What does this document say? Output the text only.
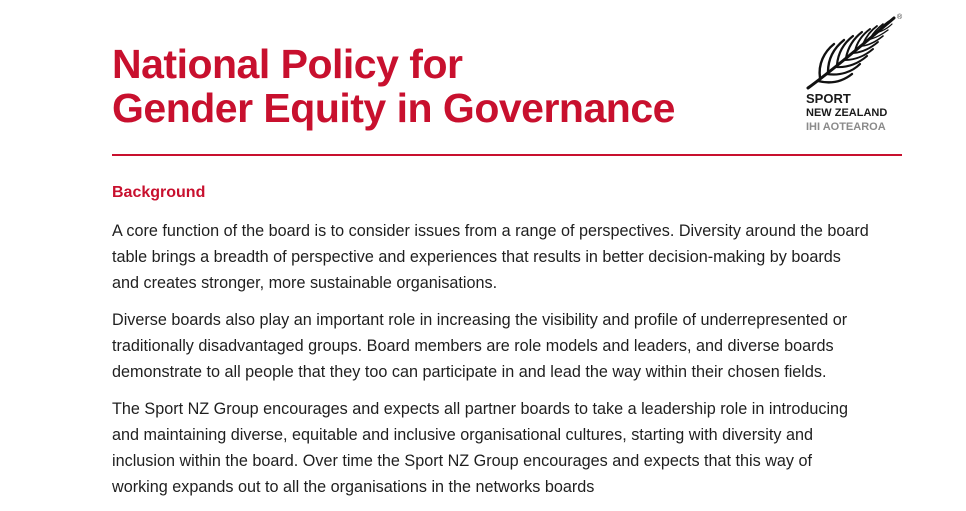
National Policy for
Gender Equity in Governance
®
SPORT
NEW ZEALAND
IHI AOTEAROA
Background

A core function of the board is to consider issues from a range of perspectives. Diversity around the board table brings a breadth of perspective and experiences that results in better decision-making by boards and creates stronger, more sustainable organisations.

Diverse boards also play an important role in increasing the visibility and profile of underrepresented or traditionally disadvantaged groups. Board members are role models and leaders, and diverse boards demonstrate to all people that they too can participate in and lead the way within their chosen fields.

The Sport NZ Group encourages and expects all partner boards to take a leadership role in introducing and maintaining diverse, equitable and inclusive organisational cultures, starting with diversity and inclusion within the board. Over time the Sport NZ Group encourages and expects that this way of working expands out to all the organisations in the networks boards
